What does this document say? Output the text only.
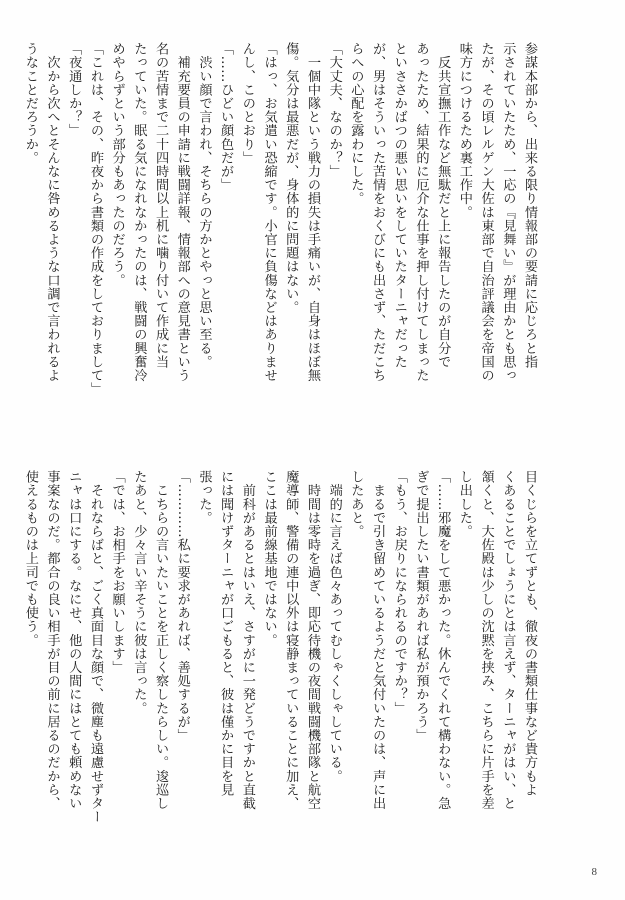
参謀本部から、出来る限り情報部の要請に応じろと指
示されていたため、一応の『見舞い』が理由かとも思っ
たが、その頃レルゲン大佐は東部で自治評議会を帝国の
味方につけるため裏工作中。
　反共宣撫工作など無駄だと上に報告したのが自分で
あったため、結果的に厄介な仕事を押し付けてしまった
といささかばつの悪い思いをしていたターニャだった
が、男はそういった苦情をおくびにも出さず、ただこち
らへの心配を露わにした。
「大丈夫、なのか？」
　一個中隊という戦力の損失は手痛いが、自身はほぼ無
傷。気分は最悪だが、身体的に問題はない。
「はっ、お気遣い恐縮です。小官に負傷などはありませ
んし、このとおり」
「……ひどい顔色だが」
　渋い顔で言われ、そちらの方かとやっと思い至る。
　補充要員の申請に戦闘詳報、情報部への意見書という
名の苦情まで二十四時間以上机に噛り付いて作成に当
たっていた。眠る気になれなかったのは、戦闘の興奮冷
めやらずという部分もあったのだろう。
「これは、その、昨夜から書類の作成をしておりまして」
「夜通しか？」
　次から次へとそんなに咎めるような口調で言われるよ
うなことだろうか。
目くじらを立てずとも、徹夜の書類仕事など貴方もよ
くあることでしょうにとは言えず、ターニャがはい、と
頷くと、大佐殿は少しの沈黙を挟み、こちらに片手を差
し出した。
「……邪魔をして悪かった。休んでくれて構わない。急
ぎで提出したい書類があれば私が預かろう」
「もう、お戻りになられるのですか？」
　まるで引き留めているようだと気付いたのは、声に出
したあと。
　端的に言えば色々あってむしゃくしゃしている。
　時間は零時を過ぎ、即応待機の夜間戦闘機部隊と航空
魔導師、警備の連中以外は寝静まっていることに加え、
ここは最前線基地ではない。
　前科があるとはいえ、さすがに一発どうですかと直截
には聞けずターニャが口ごもると、彼は僅かに目を見
張った。
「…………私に要求があれば、善処するが」
　こちらの言いたいことを正しく察したらしい。逡巡し
たあと、少々言い辛そうに彼は言った。
「では、お相手をお願いします」
　それならばと、ごく真面目な顔で、微塵も遠慮せずター
ニャは口にする。なにせ、他の人間にはとても頼めない
事案なのだ。都合の良い相手が目の前に居るのだから、
使えるものは上司でも使う。
8
